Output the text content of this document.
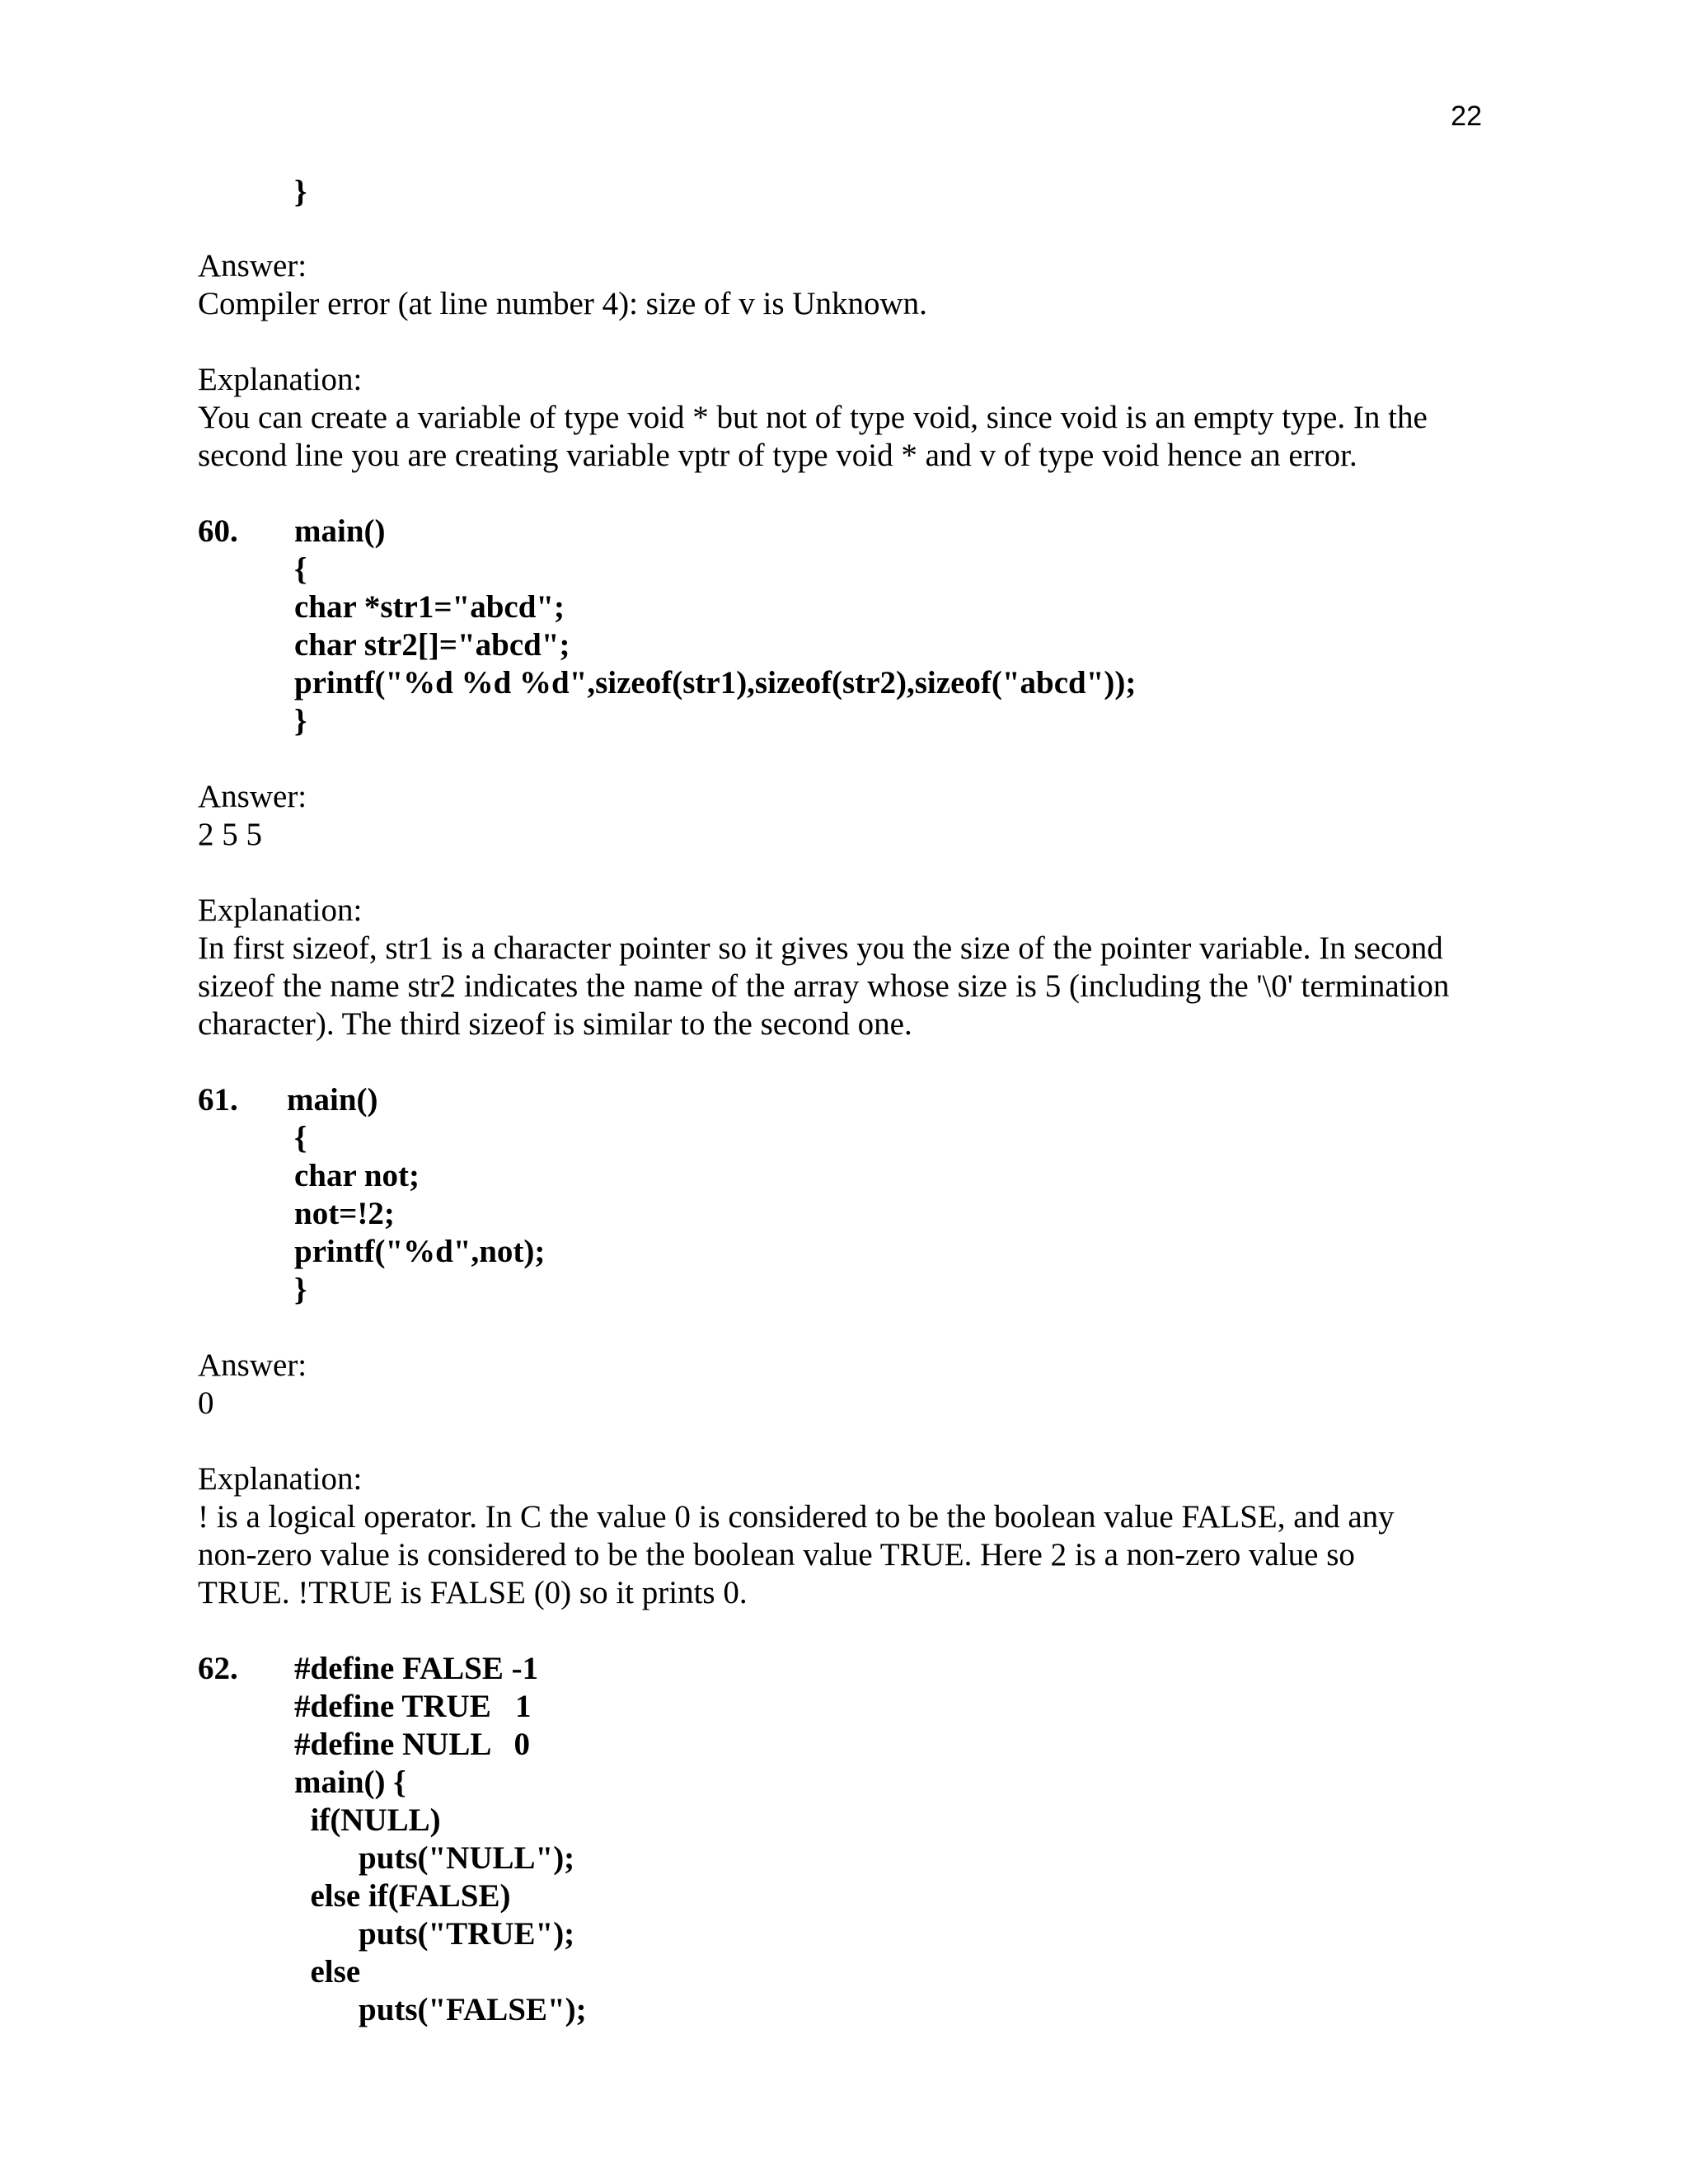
22
}

Answer:

Compiler error (at line number 4): size of v is Unknown.

Explanation:

You can create a variable of type void * but not of type void, since void is an empty type. In the

second line you are creating variable vptr of type void * and v of type void hence an error.

60. main()
{
char *str1="abcd";
char str2[]="abcd";
printf("%d %d %d",sizeof(str1),sizeof(str2),sizeof("abcd"));
}

Answer:

2 5 5

Explanation:

In first sizeof, str1 is a character pointer so it gives you the size of the pointer variable. In second

sizeof the name str2 indicates the name of the array whose size is 5 (including the '\0' termination

character). The third sizeof is similar to the second one.

61. main()
{
char not;
not=!2;
printf("%d",not);
}

Answer:

0

Explanation:

! is a logical operator. In C the value 0 is considered to be the boolean value FALSE, and any

non-zero value is considered to be the boolean value TRUE. Here 2 is a non-zero value so

TRUE. !TRUE is FALSE (0) so it prints 0.

62. #define FALSE -1
#define TRUE   1
#define NULL   0
main() {
if(NULL)
puts("NULL");
else if(FALSE)
puts("TRUE");
else
puts("FALSE");
